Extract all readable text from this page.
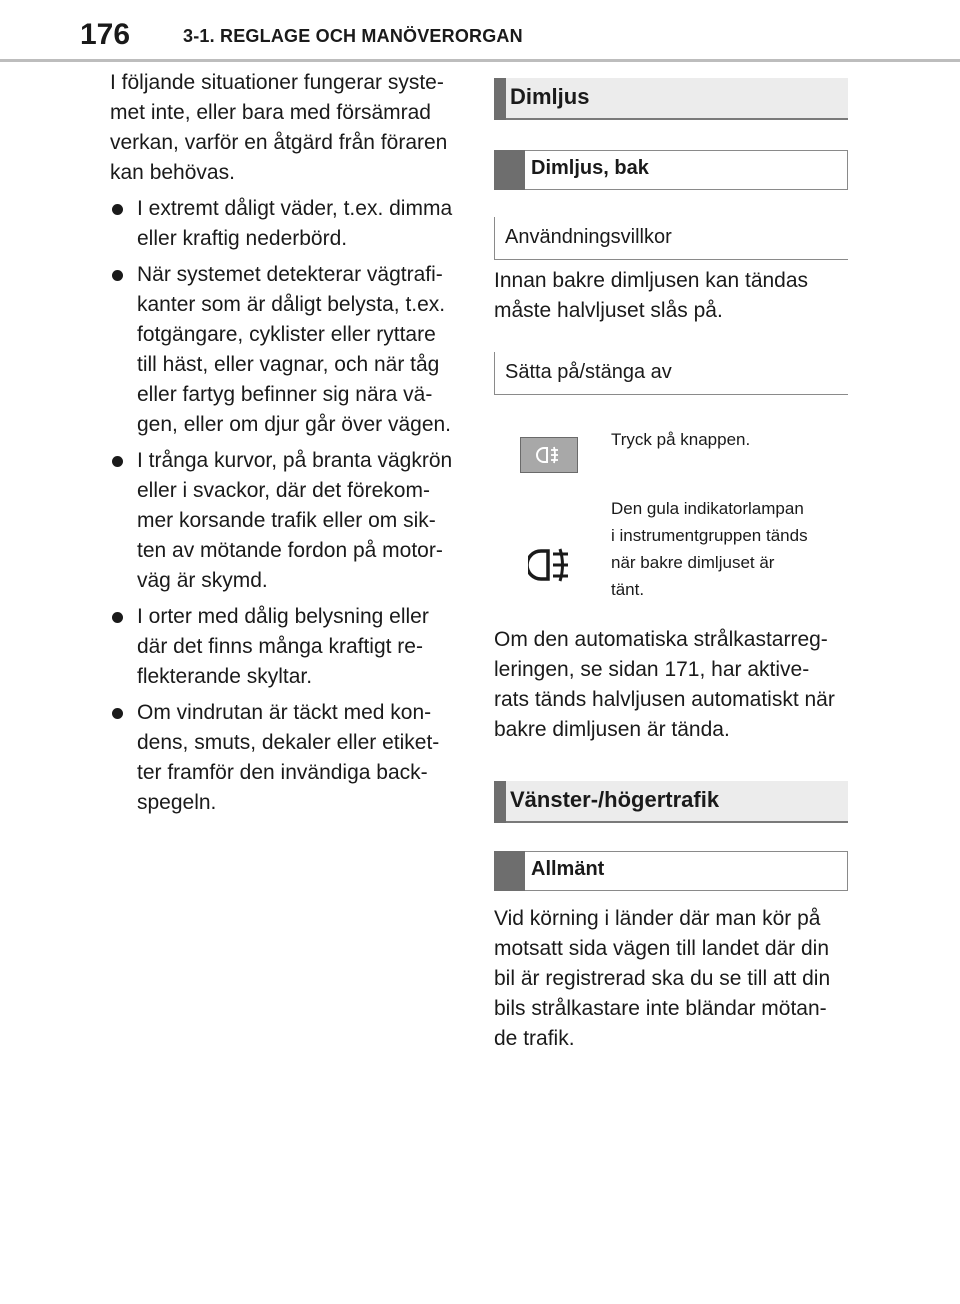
176	3-1. REGLAGE OCH MANÖVERORGAN

I följande situationer fungerar syste-
met inte, eller bara med försämrad
verkan, varför en åtgärd från föraren
kan behövas.

I extremt dåligt väder, t.ex. dimma
eller kraftig nederbörd.
När systemet detekterar vägtrafi-
kanter som är dåligt belysta, t.ex.
fotgängare, cyklister eller ryttare
till häst, eller vagnar, och när tåg
eller fartyg befinner sig nära vä-
gen, eller om djur går över vägen.
I trånga kurvor, på branta vägkrön
eller i svackor, där det förekom-
mer korsande trafik eller om sik-
ten av mötande fordon på motor-
väg är skymd.
I orter med dålig belysning eller
där det finns många kraftigt re-
flekterande skyltar.
Om vindrutan är täckt med kon-
dens, smuts, dekaler eller etiket-
ter framför den invändiga back-
spegeln.
Dimljus
Dimljus, bak
Användningsvillkor

Innan bakre dimljusen kan tändas
måste halvljuset slås på.

Sätta på/stänga av
Tryck på knappen.
Den gula indikatorlampan
i instrumentgruppen tänds
när bakre dimljuset är
tänt.

Om den automatiska strålkastarreg-
leringen, se sidan 171, har aktive-
rats tänds halvljusen automatiskt när
bakre dimljusen är tända.

Vänster-/högertrafik
Allmänt

Vid körning i länder där man kör på
motsatt sida vägen till landet där din
bil är registrerad ska du se till att din
bils strålkastare inte bländar mötan-
de trafik.
